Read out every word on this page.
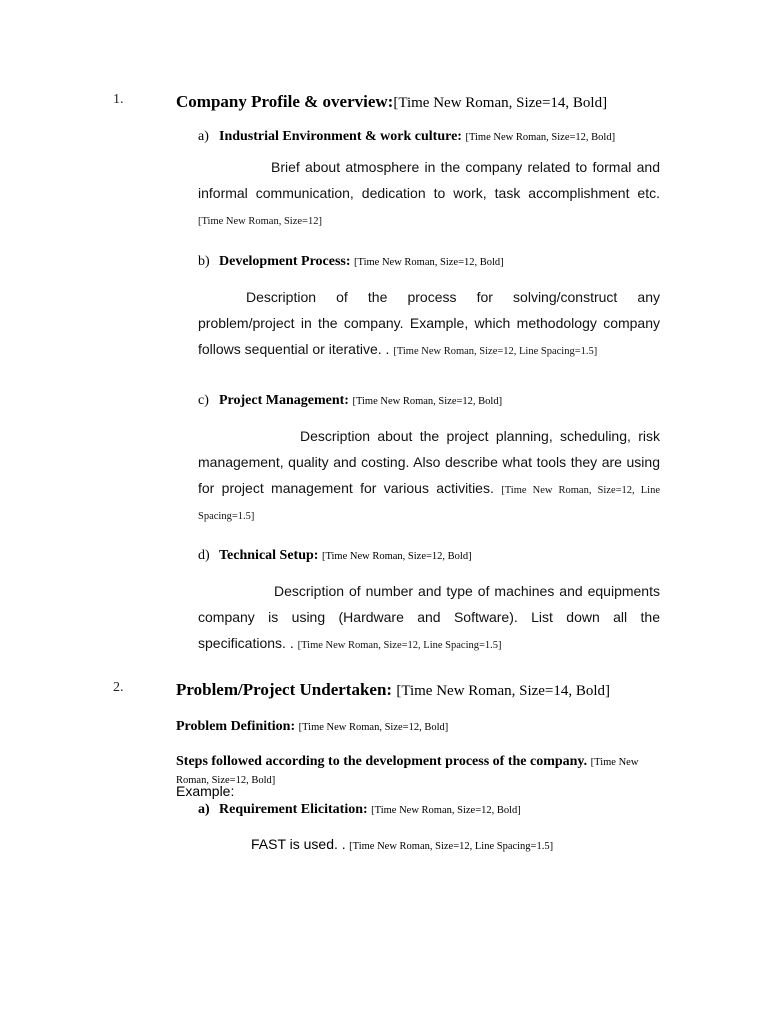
1.	Company Profile & overview:[Time New Roman, Size=14, Bold]
a) Industrial Environment & work culture: [Time New Roman, Size=12, Bold]

Brief about atmosphere in the company related to formal and informal communication, dedication to work, task accomplishment etc. [Time New Roman, Size=12]

b) Development Process: [Time New Roman, Size=12, Bold]

Description of the process for solving/construct any problem/project in the company. Example, which methodology company follows sequential or iterative. . [Time New Roman, Size=12, Line Spacing=1.5]

c) Project Management: [Time New Roman, Size=12, Bold]

Description about the project planning, scheduling, risk management, quality and costing. Also describe what tools they are using for project management for various activities. [Time New Roman, Size=12, Line Spacing=1.5]

d) Technical Setup: [Time New Roman, Size=12, Bold]

Description of number and type of machines and equipments company is using (Hardware and Software). List down all the specifications. . [Time New Roman, Size=12, Line Spacing=1.5]

2.	Problem/Project Undertaken: [Time New Roman, Size=14, Bold]
Problem Definition: [Time New Roman, Size=12, Bold]
Steps followed according to the development process of the company. [Time New Roman, Size=12, Bold]
Example:
a) Requirement Elicitation: [Time New Roman, Size=12, Bold]
FAST is used. . [Time New Roman, Size=12, Line Spacing=1.5]
